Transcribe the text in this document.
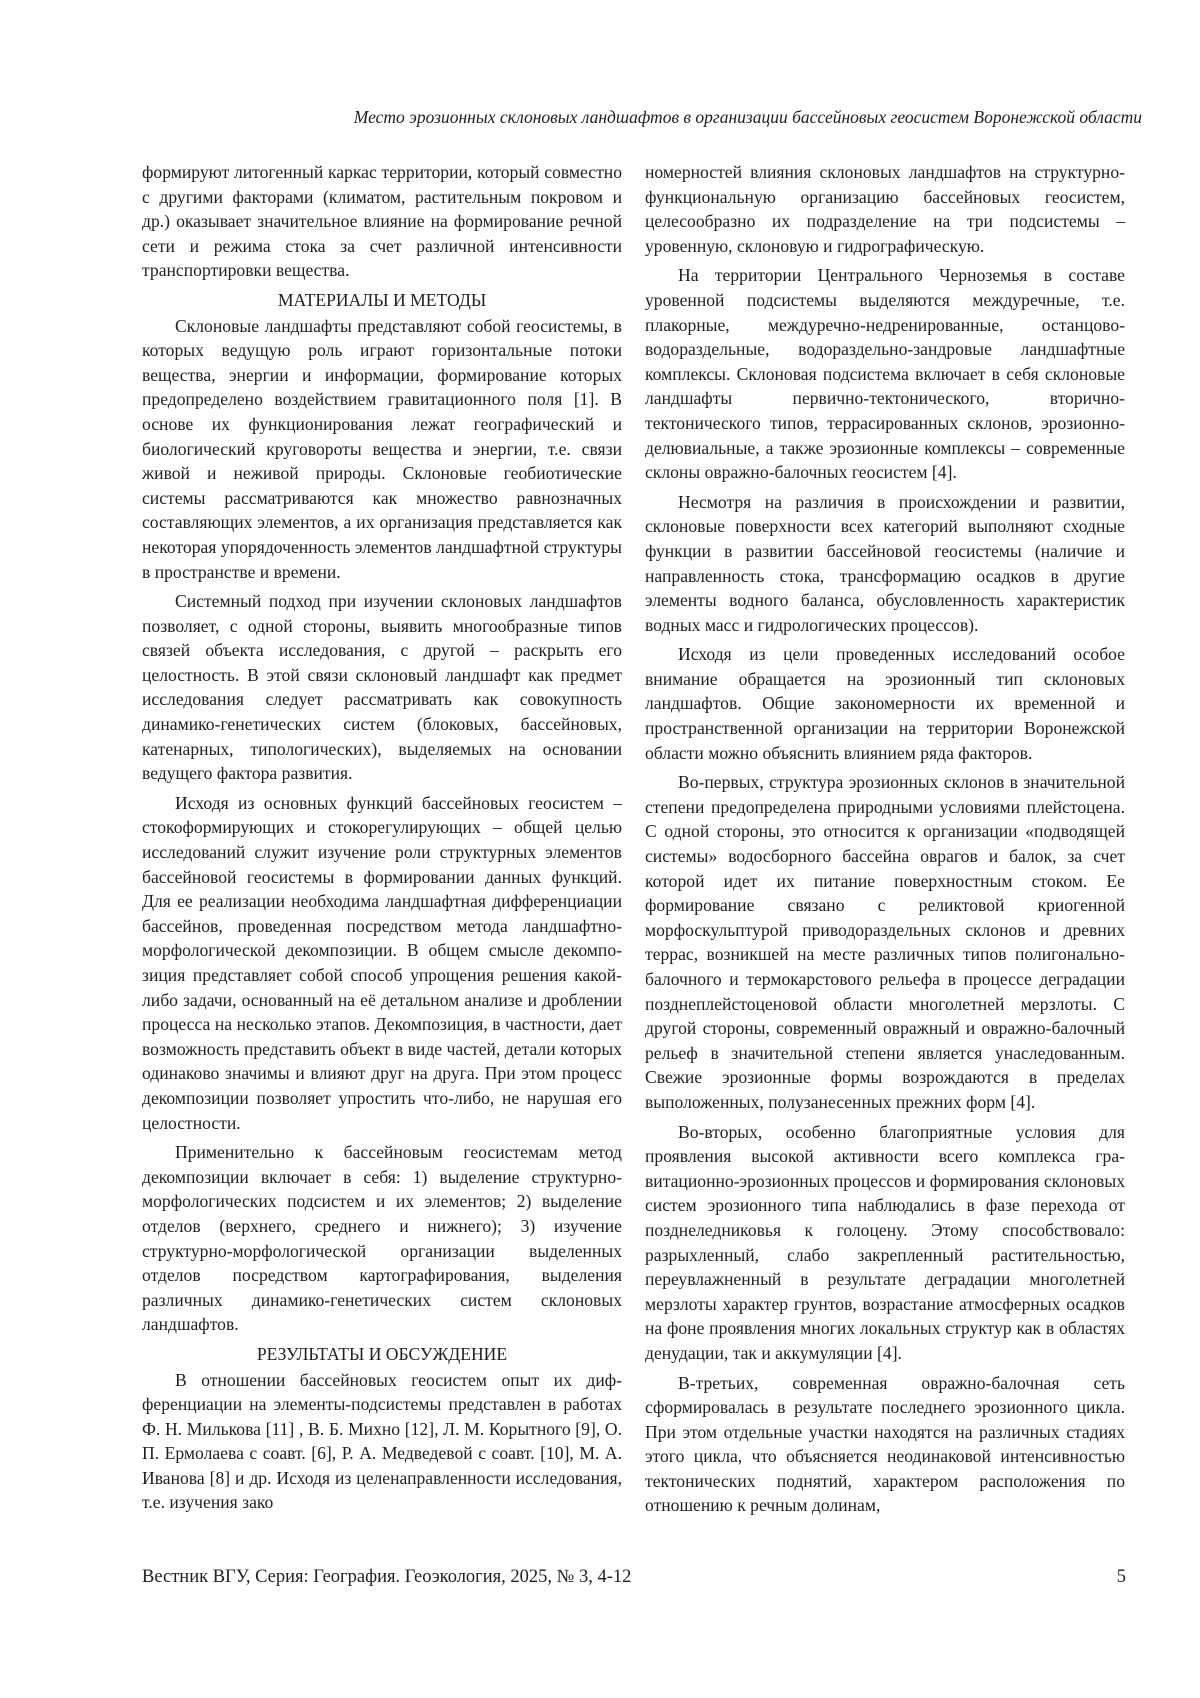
Место эрозионных склоновых ландшафтов в организации бассейновых геосистем Воронежской области

формируют литогенный каркас территории, который совместно с другими факторами (климатом, растительным покровом и др.) оказывает значительное влияние на формирование речной сети и режима стока за счет различной интенсивности транспортировки вещества.

МАТЕРИАЛЫ И МЕТОДЫ

Склоновые ландшафты представляют собой геосистемы, в которых ведущую роль играют горизонтальные потоки вещества, энергии и информации, формирование которых предопределено воздействием гравитационного поля [1]. В основе их функционирования лежат географический и биологический круговороты вещества и энергии, т.е. связи живой и неживой природы. Склоновые геобиотические системы рассматриваются как множество равнозначных составляющих элементов, а их организация представляется как некоторая упорядоченность элементов ландшафтной структуры в пространстве и времени.

Системный подход при изучении склоновых ландшафтов позволяет, с одной стороны, выявить многообразные типов связей объекта исследования, с другой – раскрыть его целостность. В этой связи склоновый ландшафт как предмет исследования следует рассматривать как совокупность динамико-генетических систем (блоковых, бассейновых, катенарных, типологических), выделяемых на основании ведущего фактора развития.

Исходя из основных функций бассейновых геосистем – стокоформирующих и стокорегулирующих – общей целью исследований служит изучение роли структурных элементов бассейновой геосистемы в формировании данных функций. Для ее реализации необходима ландшафтная дифференциации бассейнов, проведенная посредством метода ландшафтно-морфологической декомпозиции. В общем смысле декомпозиция представляет собой способ упрощения решения какой-либо задачи, основанный на её детальном анализе и дроблении процесса на несколько этапов. Декомпозиция, в частности, дает возможность представить объект в виде частей, детали которых одинаково значимы и влияют друг на друга. При этом процесс декомпозиции позволяет упростить что-либо, не нарушая его целостности.

Применительно к бассейновым геосистемам метод декомпозиции включает в себя: 1) выделение структурно-морфологических подсистем и их элементов; 2) выделение отделов (верхнего, среднего и нижнего); 3) изучение структурно-морфологической организации выделенных отделов посредством картографирования, выделения различных динамико-генетических систем склоновых ландшафтов.

РЕЗУЛЬТАТЫ И ОБСУЖДЕНИЕ

В отношении бассейновых геосистем опыт их дифференциации на элементы-подсистемы представлен в работах Ф. Н. Милькова [11] , В. Б. Михно [12], Л. М. Корытного [9], О. П. Ермолаева с соавт. [6], Р. А. Медведевой с соавт. [10], М. А. Иванова [8] и др. Исходя из целенаправленности исследования, т.е. изучения зако

номерностей влияния склоновых ландшафтов на структурно-функциональную организацию бассейновых геосистем, целесообразно их подразделение на три подсистемы – уровенную, склоновую и гидрографическую.

На территории Центрального Черноземья в составе уровенной подсистемы выделяются междуречные, т.е. плакорные, междуречно-недренированные, останцово-водораздельные, водораздельно-зандровые ландшафтные комплексы. Склоновая подсистема включает в себя склоновые ландшафты первично-тектонического, вторично-тектонического типов, террасированных склонов, эрозионно-делювиальные, а также эрозионные комплексы – современные склоны овражно-балочных геосистем [4].

Несмотря на различия в происхождении и развитии, склоновые поверхности всех категорий выполняют сходные функции в развитии бассейновой геосистемы (наличие и направленность стока, трансформацию осадков в другие элементы водного баланса, обусловленность характеристик водных масс и гидрологических процессов).

Исходя из цели проведенных исследований особое внимание обращается на эрозионный тип склоновых ландшафтов. Общие закономерности их временной и пространственной организации на территории Воронежской области можно объяснить влиянием ряда факторов.

Во-первых, структура эрозионных склонов в значительной степени предопределена природными условиями плейстоцена. С одной стороны, это относится к организации «подводящей системы» водосборного бассейна оврагов и балок, за счет которой идет их питание поверхностным стоком. Ее формирование связано с реликтовой криогенной морфоскульптурой приводораздельных склонов и древних террас, возникшей на месте различных типов полигонально-балочного и термокарстового рельефа в процессе деградации позднеплейстоценовой области многолетней мерзлоты. С другой стороны, современный овражный и овражно-балочный рельеф в значительной степени является унаследованным. Свежие эрозионные формы возрождаются в пределах выположенных, полузанесенных прежних форм [4].

Во-вторых, особенно благоприятные условия для проявления высокой активности всего комплекса гравитационно-эрозионных процессов и формирования склоновых систем эрозионного типа наблюдались в фазе перехода от позднеледниковья к голоцену. Этому способствовало: разрыхленный, слабо закрепленный растительностью, переувлажненный в результате деградации многолетней мерзлоты характер грунтов, возрастание атмосферных осадков на фоне проявления многих локальных структур как в областях денудации, так и аккумуляции [4].

В-третьих, современная овражно-балочная сеть сформировалась в результате последнего эрозионного цикла. При этом отдельные участки находятся на различных стадиях этого цикла, что объясняется неодинаковой интенсивностью тектонических поднятий, характером расположения по отношению к речным долинам,

Вестник ВГУ, Серия: География. Геоэкология, 2025, № 3, 4-12	5
